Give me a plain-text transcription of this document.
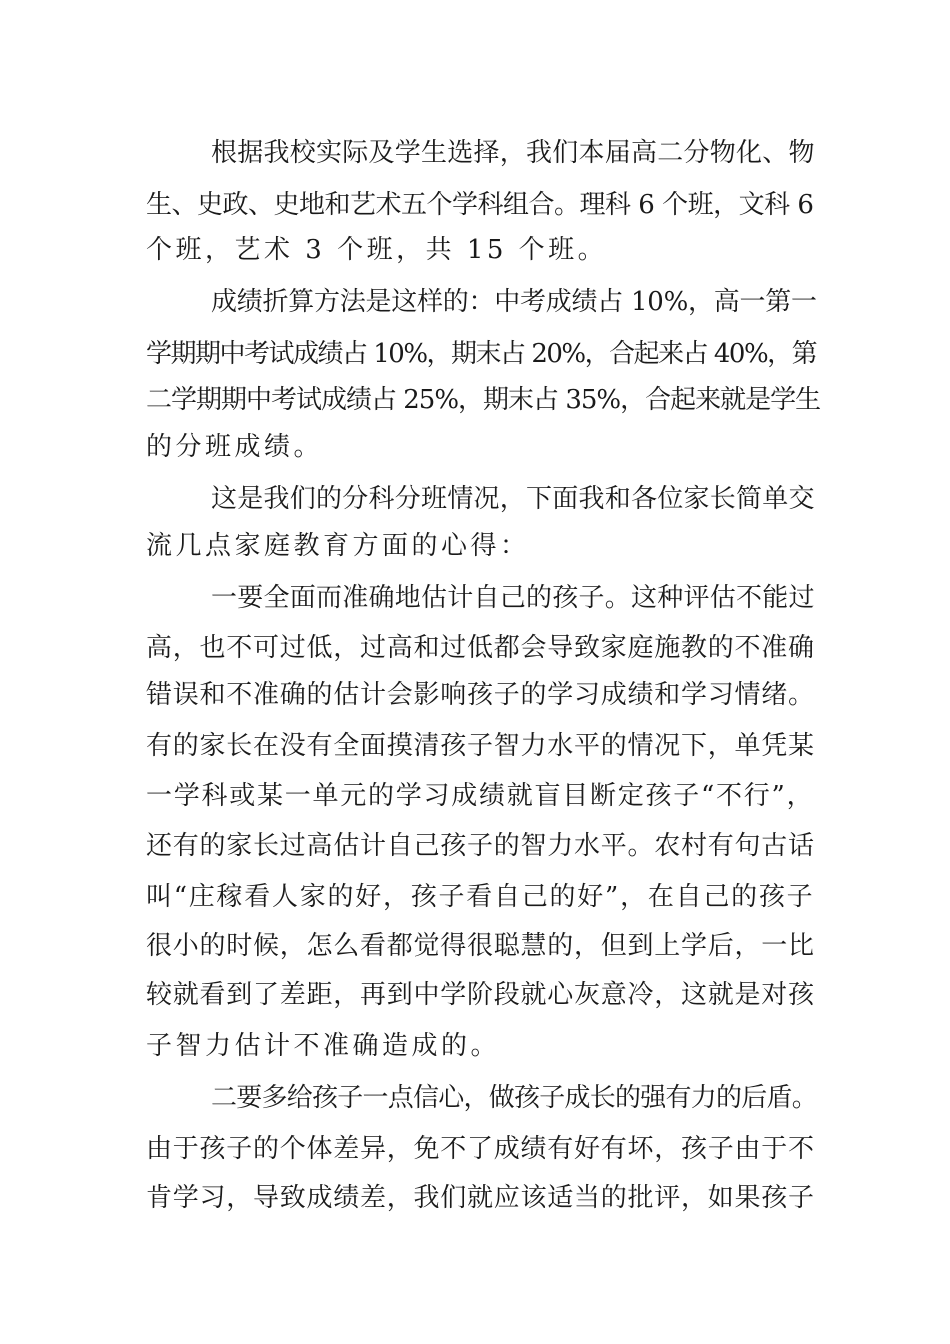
根据我校实际及学生选择，我们本届高二分物化、物
生、史政、史地和艺术五个学科组合。理科 6 个班，文科 6
个班，艺术 3 个班，共 15 个班。
成绩折算方法是这样的：中考成绩占 10%，高一第一
学期期中考试成绩占 10%，期末占 20%，合起来占 40%，第
二学期期中考试成绩占 25%，期末占 35%，合起来就是学生
的分班成绩。
这是我们的分科分班情况，下面我和各位家长简单交
流几点家庭教育方面的心得：
一要全面而准确地估计自己的孩子。这种评估不能过
高，也不可过低，过高和过低都会导致家庭施教的不准确
错误和不准确的估计会影响孩子的学习成绩和学习情绪。
有的家长在没有全面摸清孩子智力水平的情况下，单凭某
一学科或某一单元的学习成绩就盲目断定孩子“不行”，
还有的家长过高估计自己孩子的智力水平。农村有句古话
叫“庄稼看人家的好，孩子看自己的好”，在自己的孩子
很小的时候，怎么看都觉得很聪慧的，但到上学后，一比
较就看到了差距，再到中学阶段就心灰意冷，这就是对孩
子智力估计不准确造成的。
二要多给孩子一点信心，做孩子成长的强有力的后盾。
由于孩子的个体差异，免不了成绩有好有坏，孩子由于不
肯学习，导致成绩差，我们就应该适当的批评，如果孩子
